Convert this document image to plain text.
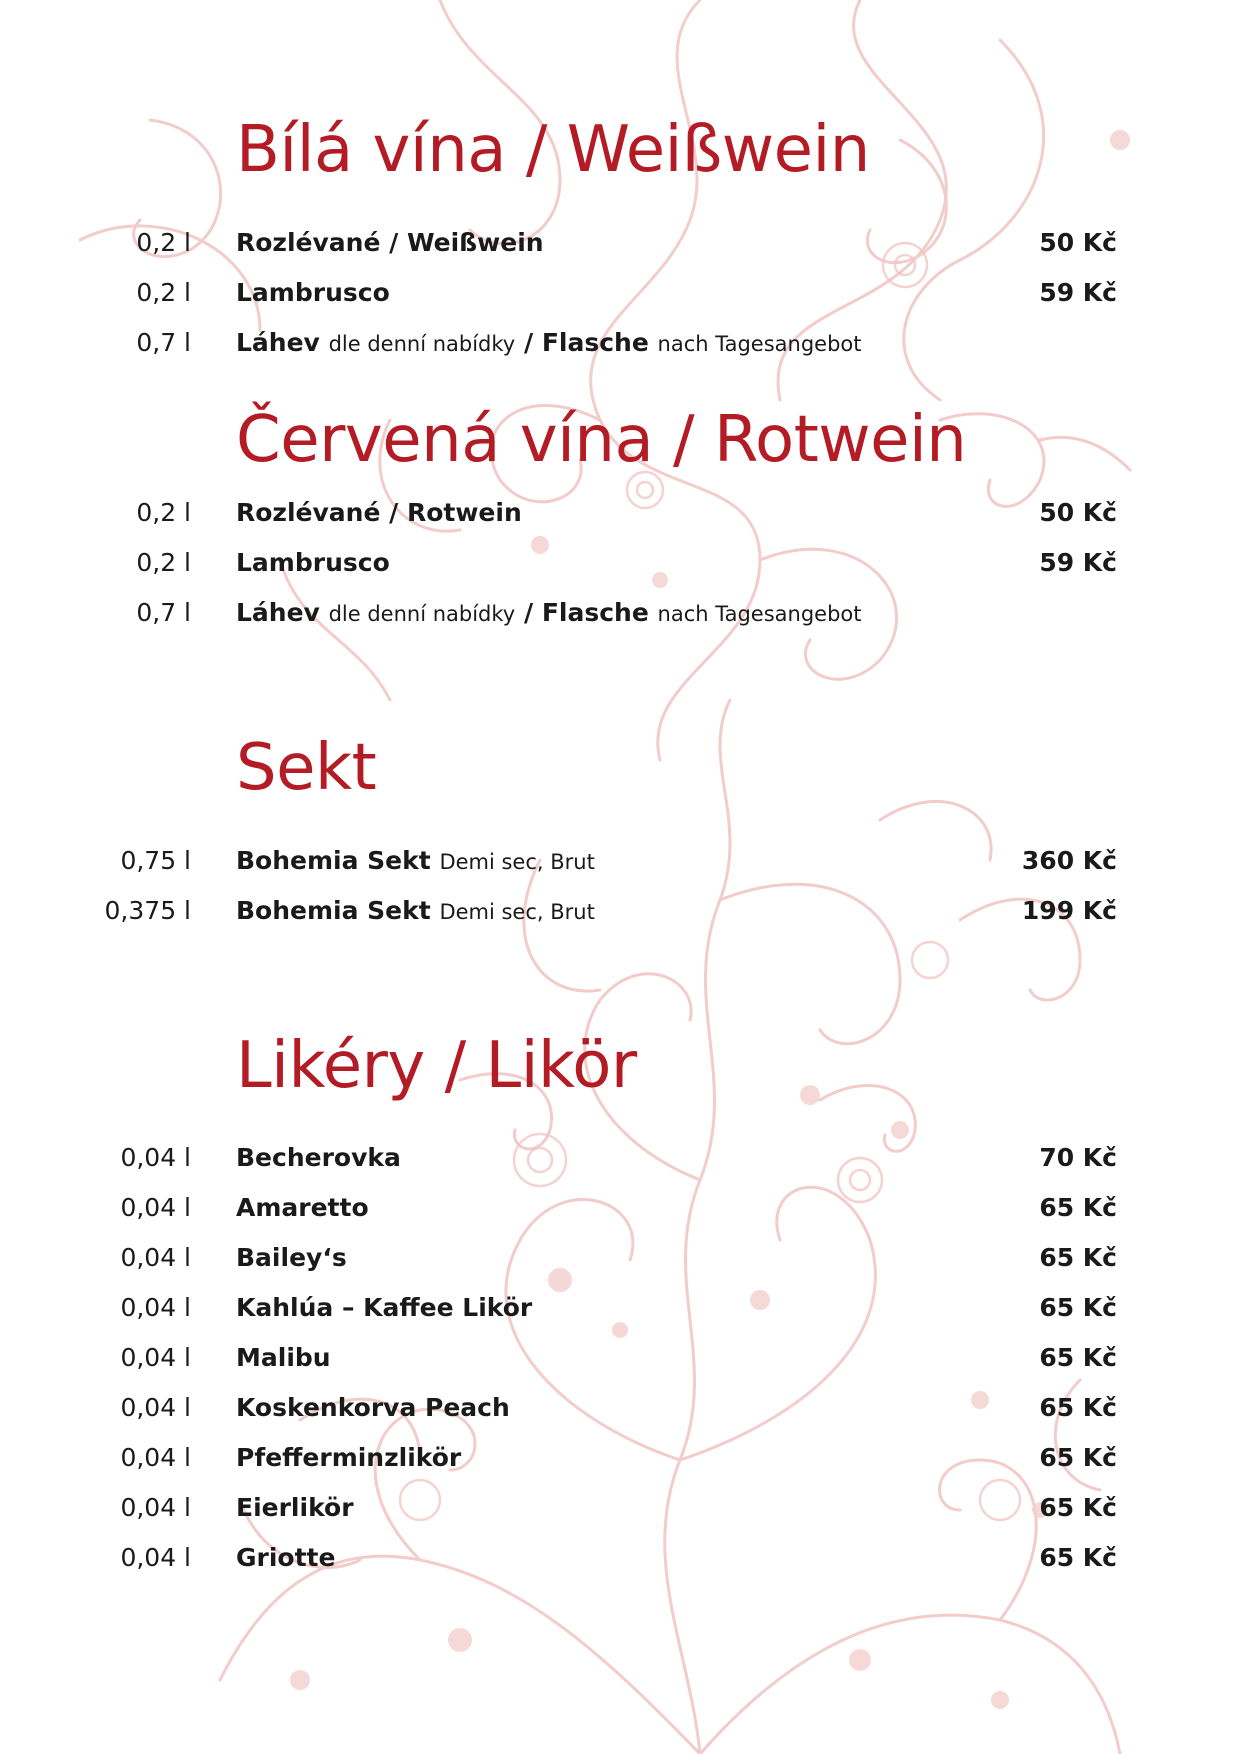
Bílá vína / Weißwein
0,2 l Rozlévané / Weißwein	50 Kč
0,2 l Lambrusco	59 Kč
0,7 l Láhev dle denní nabídky / Flasche nach Tagesangebot
Červená vína / Rotwein
0,2 l Rozlévané / Rotwein	50 Kč
0,2 l Lambrusco	59 Kč
0,7 l Láhev dle denní nabídky / Flasche nach Tagesangebot
Sekt
0,75 l Bohemia Sekt Demi sec, Brut	360 Kč
0,375 l Bohemia Sekt Demi sec, Brut	199 Kč
Likéry / Likör
0,04 l Becherovka	70 Kč
0,04 l Amaretto	65 Kč
0,04 l Bailey‘s	65 Kč
0,04 l Kahlúa – Kaffee Likör	65 Kč
0,04 l Malibu	65 Kč
0,04 l Koskenkorva Peach	65 Kč
0,04 l Pfefferminzlikör	65 Kč
0,04 l Eierlikör	65 Kč
0,04 l Griotte	65 Kč
